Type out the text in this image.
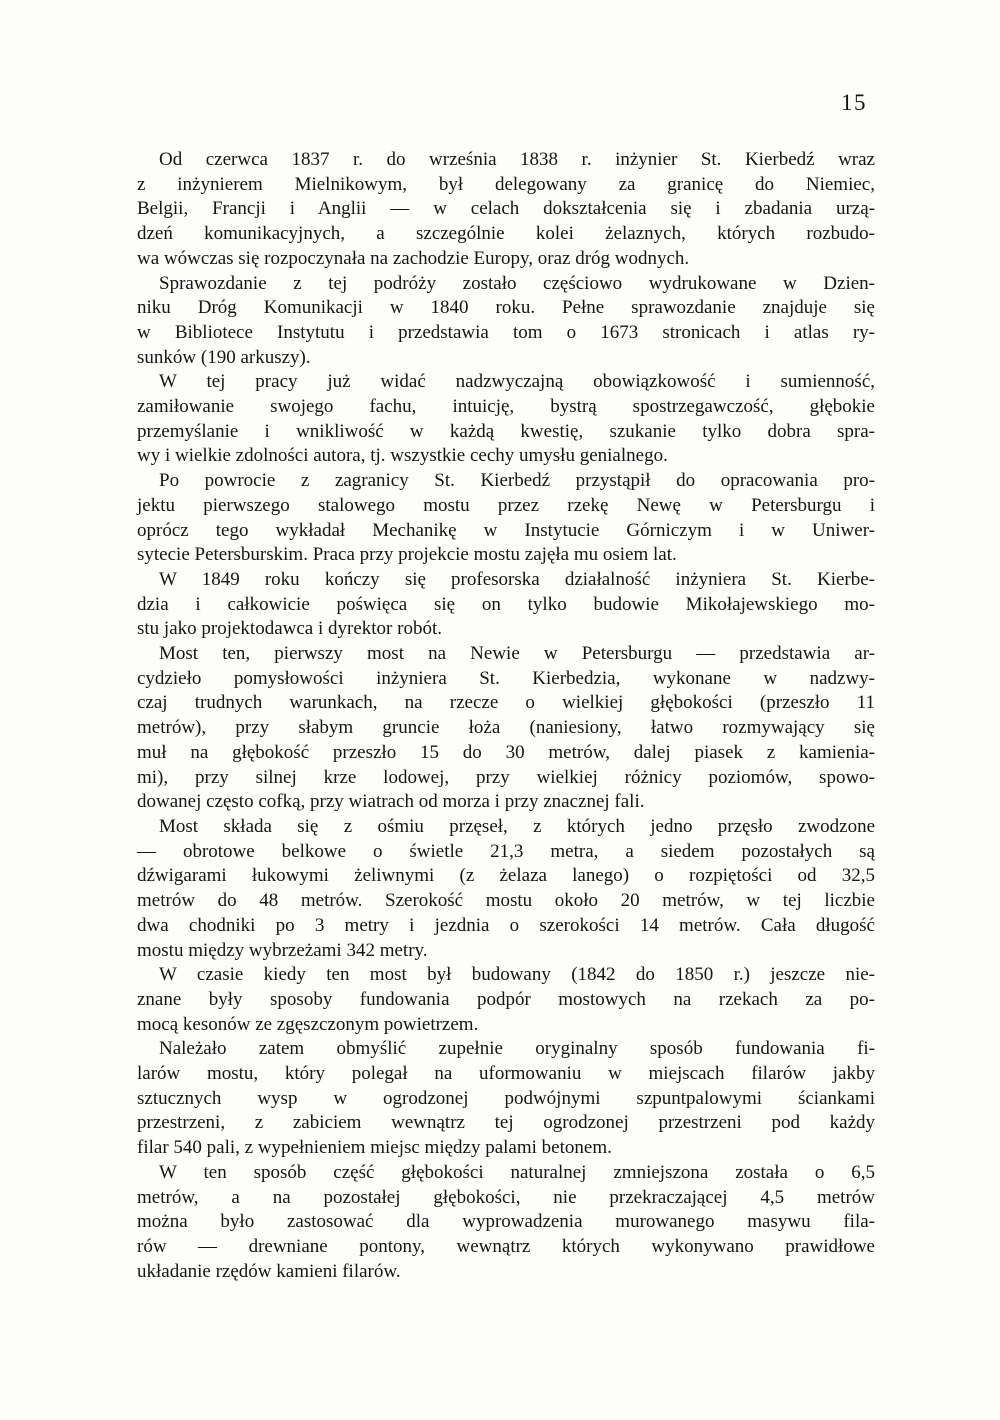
15
Od czerwca 1837 r. do września 1838 r. inżynier St. Kierbedź wraz
z inżynierem Mielnikowym, był delegowany za granicę do Niemiec,
Belgii, Francji i Anglii — w celach dokształcenia się i zbadania urzą-
dzeń komunikacyjnych, a szczególnie kolei żelaznych, których rozbudo-
wa wówczas się rozpoczynała na zachodzie Europy, oraz dróg wodnych.
Sprawozdanie z tej podróży zostało częściowo wydrukowane w Dzien-
niku Dróg Komunikacji w 1840 roku. Pełne sprawozdanie znajduje się
w Bibliotece Instytutu i przedstawia tom o 1673 stronicach i atlas ry-
sunków (190 arkuszy).
W tej pracy już widać nadzwyczajną obowiązkowość i sumienność,
zamiłowanie swojego fachu, intuicję, bystrą spostrzegawczość, głębokie
przemyślanie i wnikliwość w każdą kwestię, szukanie tylko dobra spra-
wy i wielkie zdolności autora, tj. wszystkie cechy umysłu genialnego.
Po powrocie z zagranicy St. Kierbedź przystąpił do opracowania pro-
jektu pierwszego stalowego mostu przez rzekę Newę w Petersburgu i
oprócz tego wykładał Mechanikę w Instytucie Górniczym i w Uniwer-
sytecie Petersburskim. Praca przy projekcie mostu zajęła mu osiem lat.
W 1849 roku kończy się profesorska działalność inżyniera St. Kierbe-
dzia i całkowicie poświęca się on tylko budowie Mikołajewskiego mo-
stu jako projektodawca i dyrektor robót.
Most ten, pierwszy most na Newie w Petersburgu — przedstawia ar-
cydzieło pomysłowości inżyniera St. Kierbedzia, wykonane w nadzwy-
czaj trudnych warunkach, na rzecze o wielkiej głębokości (przeszło 11
metrów), przy słabym gruncie łoża (naniesiony, łatwo rozmywający się
muł na głębokość przeszło 15 do 30 metrów, dalej piasek z kamienia-
mi), przy silnej krze lodowej, przy wielkiej różnicy poziomów, spowo-
dowanej często cofką, przy wiatrach od morza i przy znacznej fali.
Most składa się z ośmiu przęseł, z których jedno przęsło zwodzone
— obrotowe belkowe o świetle 21,3 metra, a siedem pozostałych są
dźwigarami łukowymi żeliwnymi (z żelaza lanego) o rozpiętości od 32,5
metrów do 48 metrów. Szerokość mostu około 20 metrów, w tej liczbie
dwa chodniki po 3 metry i jezdnia o szerokości 14 metrów. Cała długość
mostu między wybrzeżami 342 metry.
W czasie kiedy ten most był budowany (1842 do 1850 r.) jeszcze nie-
znane były sposoby fundowania podpór mostowych na rzekach za po-
mocą kesonów ze zgęszczonym powietrzem.
Należało zatem obmyślić zupełnie oryginalny sposób fundowania fi-
larów mostu, który polegał na uformowaniu w miejscach filarów jakby
sztucznych wysp w ogrodzonej podwójnymi szpuntpalowymi ściankami
przestrzeni, z zabiciem wewnątrz tej ogrodzonej przestrzeni pod każdy
filar 540 pali, z wypełnieniem miejsc między palami betonem.
W ten sposób część głębokości naturalnej zmniejszona została o 6,5
metrów, a na pozostałej głębokości, nie przekraczającej 4,5 metrów
można było zastosować dla wyprowadzenia murowanego masywu fila-
rów — drewniane pontony, wewnątrz których wykonywano prawidłowe
układanie rzędów kamieni filarów.
